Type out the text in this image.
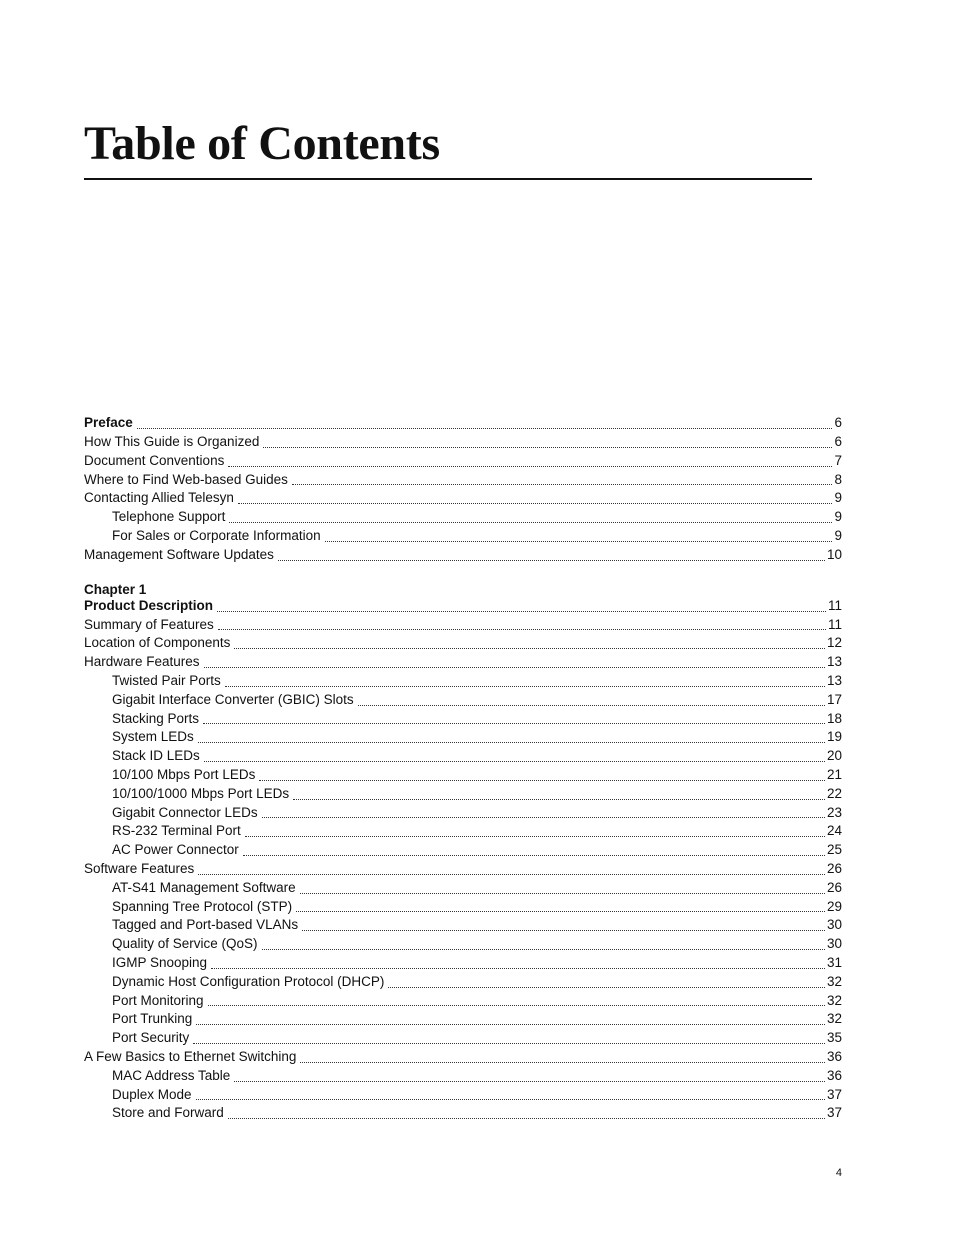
Table of Contents
Preface	6
How This Guide is Organized	6
Document Conventions	7
Where to Find Web-based Guides	8
Contacting Allied Telesyn	9
Telephone Support	9
For Sales or Corporate Information	9
Management Software Updates	10
Chapter 1
Product Description	11
Summary of Features	11
Location of Components	12
Hardware Features	13
Twisted Pair Ports	13
Gigabit Interface Converter (GBIC) Slots	17
Stacking Ports	18
System LEDs	19
Stack ID LEDs	20
10/100 Mbps Port LEDs	21
10/100/1000 Mbps Port LEDs	22
Gigabit Connector LEDs	23
RS-232 Terminal Port	24
AC Power Connector	25
Software Features	26
AT-S41 Management Software	26
Spanning Tree Protocol (STP)	29
Tagged and Port-based VLANs	30
Quality of Service (QoS)	30
IGMP Snooping	31
Dynamic Host Configuration Protocol (DHCP)	32
Port Monitoring	32
Port Trunking	32
Port Security	35
A Few Basics to Ethernet Switching	36
MAC Address Table	36
Duplex Mode	37
Store and Forward	37
4
